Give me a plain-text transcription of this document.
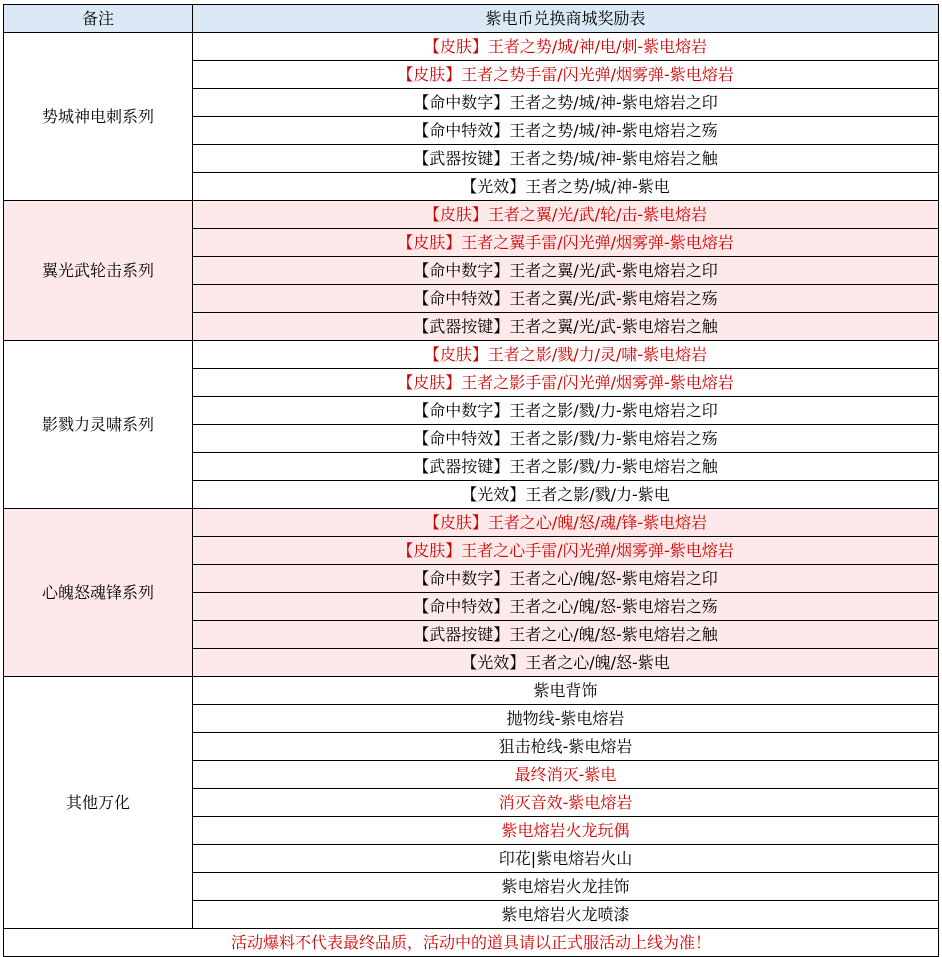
备注	紫电币兑换商城奖励表
势城神电刺系列	【皮肤】王者之势/城/神/电/刺-紫电熔岩
	【皮肤】王者之势手雷/闪光弹/烟雾弹-紫电熔岩
	【命中数字】王者之势/城/神-紫电熔岩之印
	【命中特效】王者之势/城/神-紫电熔岩之殇
	【武器按键】王者之势/城/神-紫电熔岩之触
	【光效】王者之势/城/神-紫电
翼光武轮击系列	【皮肤】王者之翼/光/武/轮/击-紫电熔岩
	【皮肤】王者之翼手雷/闪光弹/烟雾弹-紫电熔岩
	【命中数字】王者之翼/光/武-紫电熔岩之印
	【命中特效】王者之翼/光/武-紫电熔岩之殇
	【武器按键】王者之翼/光/武-紫电熔岩之触
影戮力灵啸系列	【皮肤】王者之影/戮/力/灵/啸-紫电熔岩
	【皮肤】王者之影手雷/闪光弹/烟雾弹-紫电熔岩
	【命中数字】王者之影/戮/力-紫电熔岩之印
	【命中特效】王者之影/戮/力-紫电熔岩之殇
	【武器按键】王者之影/戮/力-紫电熔岩之触
	【光效】王者之影/戮/力-紫电
心魄怒魂锋系列	【皮肤】王者之心/魄/怒/魂/锋-紫电熔岩
	【皮肤】王者之心手雷/闪光弹/烟雾弹-紫电熔岩
	【命中数字】王者之心/魄/怒-紫电熔岩之印
	【命中特效】王者之心/魄/怒-紫电熔岩之殇
	【武器按键】王者之心/魄/怒-紫电熔岩之触
	【光效】王者之心/魄/怒-紫电
其他万化	紫电背饰
	抛物线-紫电熔岩
	狙击枪线-紫电熔岩
	最终消灭-紫电
	消灭音效-紫电熔岩
	紫电熔岩火龙玩偶
	印花|紫电熔岩火山
	紫电熔岩火龙挂饰
	紫电熔岩火龙喷漆
活动爆料不代表最终品质，活动中的道具请以正式服活动上线为准！	
